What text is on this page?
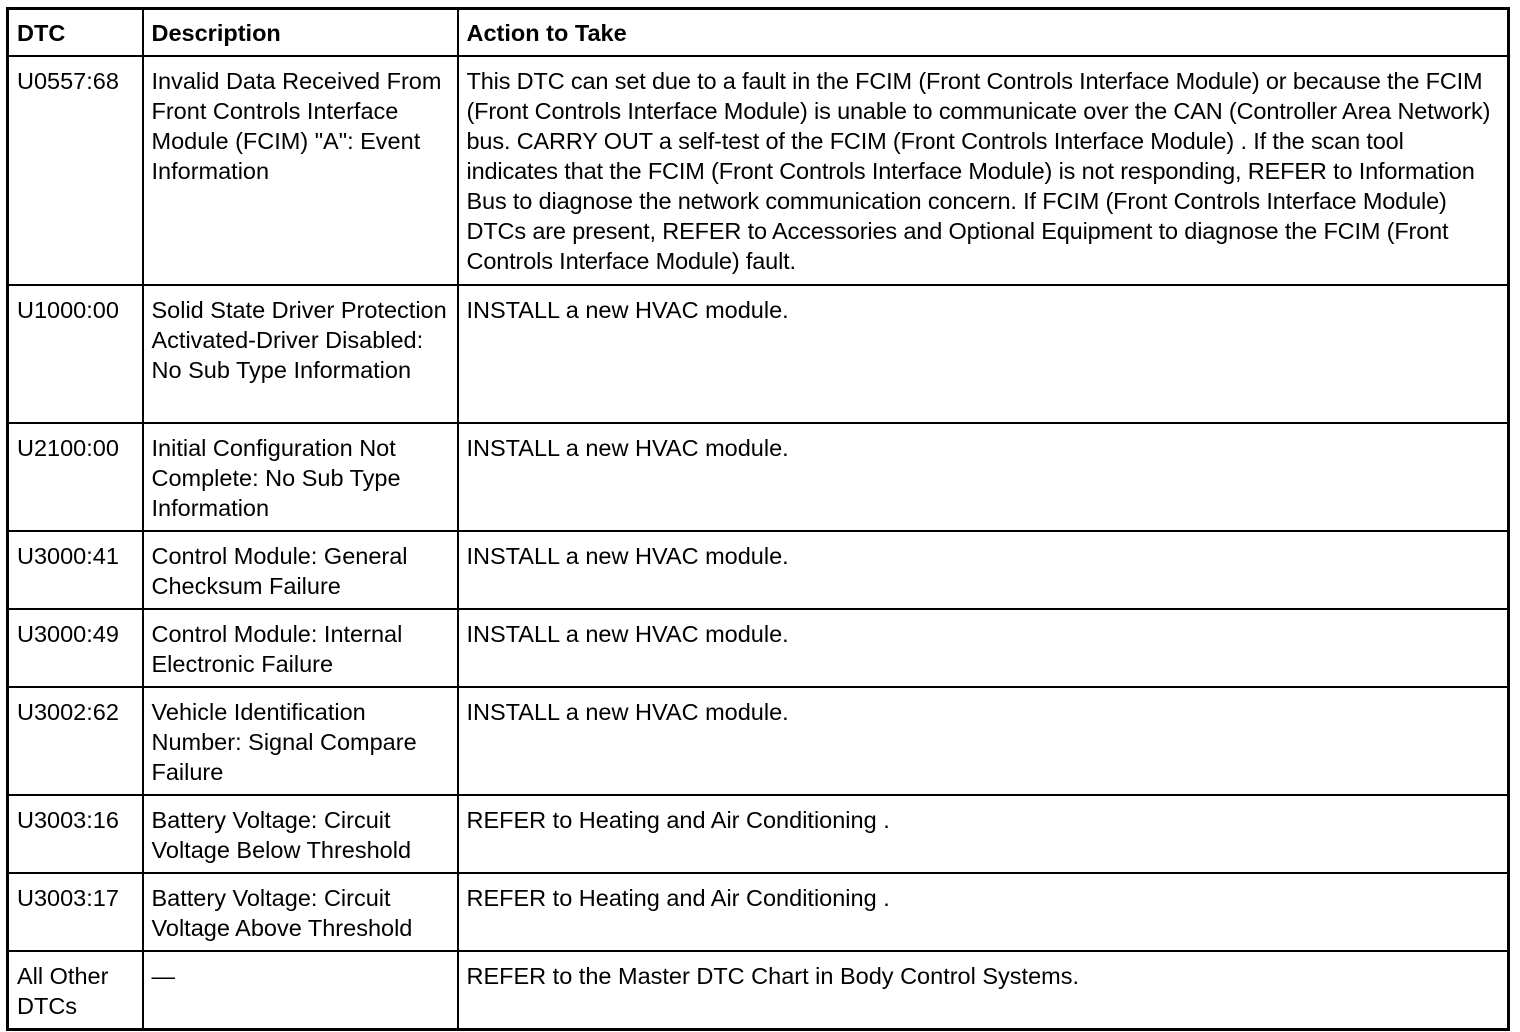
DTC	Description	Action to Take
U0557:68	Invalid Data Received From Front Controls Interface Module (FCIM) "A": Event Information	This DTC can set due to a fault in the FCIM (Front Controls Interface Module) or because the FCIM (Front Controls Interface Module) is unable to communicate over the CAN (Controller Area Network) bus. CARRY OUT a self-test of the FCIM (Front Controls Interface Module) . If the scan tool indicates that the FCIM (Front Controls Interface Module) is not responding, REFER to Information Bus to diagnose the network communication concern. If FCIM (Front Controls Interface Module) DTCs are present, REFER to Accessories and Optional Equipment to diagnose the FCIM (Front Controls Interface Module) fault.
U1000:00	Solid State Driver Protection Activated-Driver Disabled: No Sub Type Information	INSTALL a new HVAC module.
U2100:00	Initial Configuration Not Complete: No Sub Type Information	INSTALL a new HVAC module.
U3000:41	Control Module: General Checksum Failure	INSTALL a new HVAC module.
U3000:49	Control Module: Internal Electronic Failure	INSTALL a new HVAC module.
U3002:62	Vehicle Identification Number: Signal Compare Failure	INSTALL a new HVAC module.
U3003:16	Battery Voltage: Circuit Voltage Below Threshold	REFER to Heating and Air Conditioning .
U3003:17	Battery Voltage: Circuit Voltage Above Threshold	REFER to Heating and Air Conditioning .
All Other DTCs	—	REFER to the Master DTC Chart in Body Control Systems.
